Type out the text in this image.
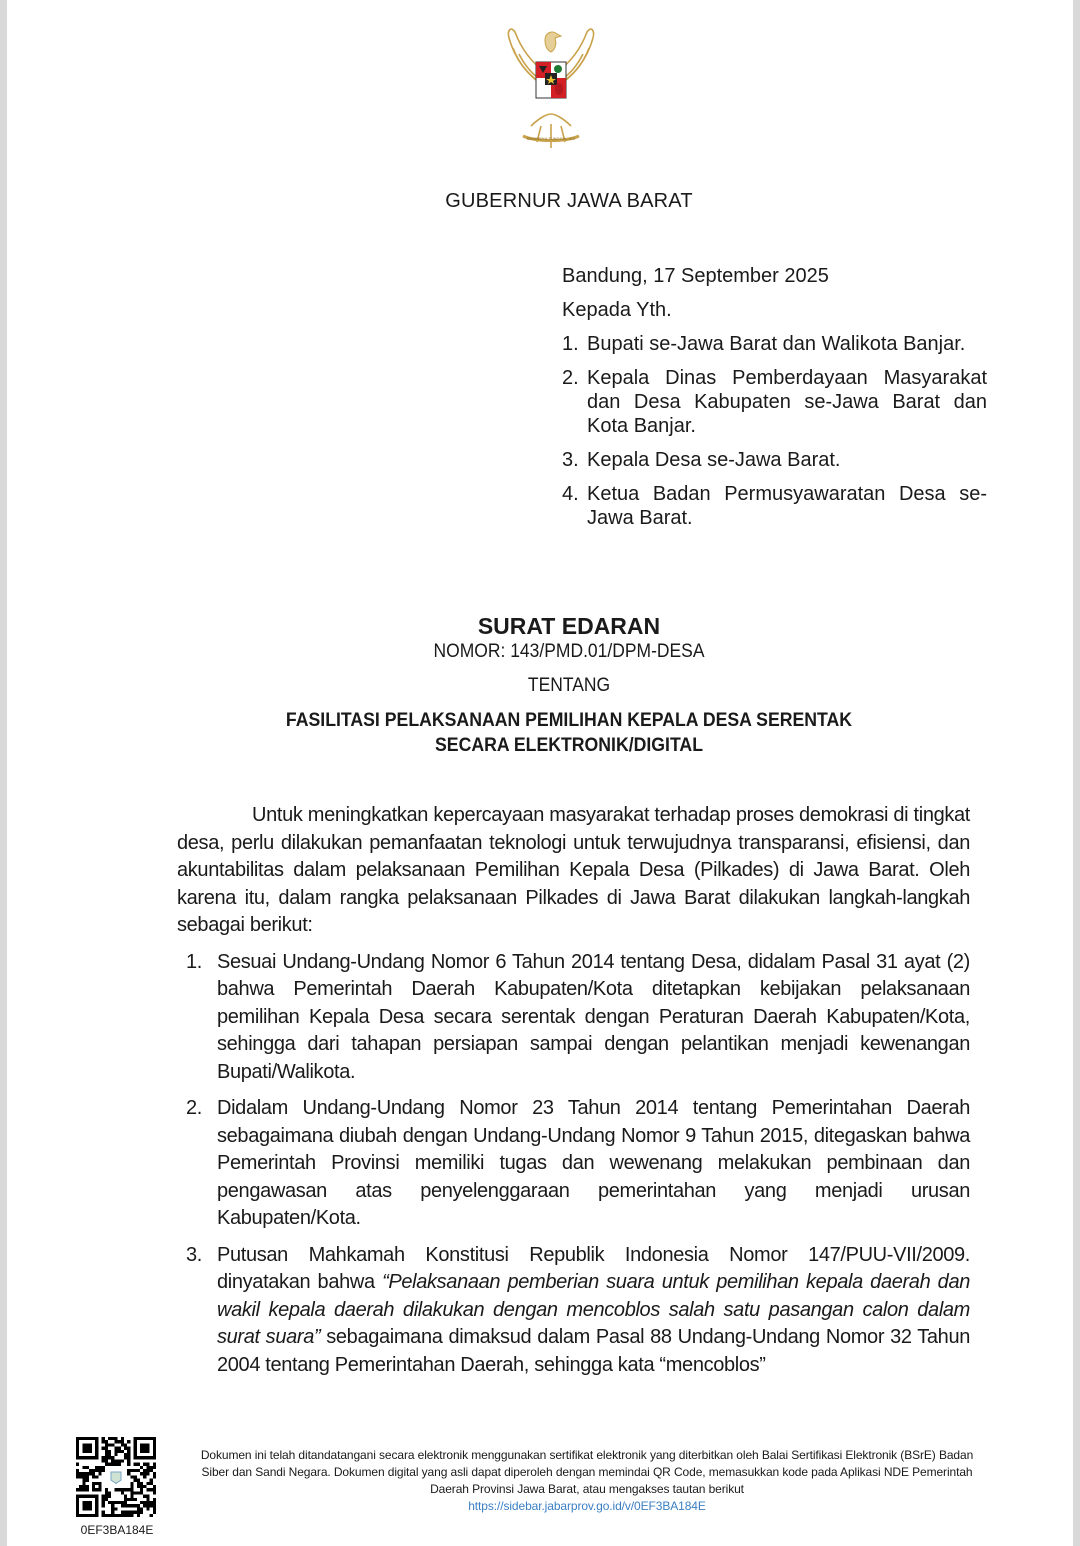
BHINNEKA TUNGGAL IKA
GUBERNUR JAWA BARAT
Bandung, 17 September 2025
Kepada Yth.
1. Bupati se-Jawa Barat dan Walikota Banjar.
2. Kepala Dinas Pemberdayaan Masyarakat dan Desa Kabupaten se-Jawa Barat dan Kota Banjar.
3. Kepala Desa se-Jawa Barat.
4. Ketua Badan Permusyawaratan Desa se-Jawa Barat.
SURAT EDARAN
NOMOR: 143/PMD.01/DPM-DESA
TENTANG
FASILITASI PELAKSANAAN PEMILIHAN KEPALA DESA SERENTAK
SECARA ELEKTRONIK/DIGITAL
Untuk meningkatkan kepercayaan masyarakat terhadap proses demokrasi di tingkat desa, perlu dilakukan pemanfaatan teknologi untuk terwujudnya transparansi, efisiensi, dan akuntabilitas dalam pelaksanaan Pemilihan Kepala Desa (Pilkades) di Jawa Barat. Oleh karena itu, dalam rangka pelaksanaan Pilkades di Jawa Barat dilakukan langkah-langkah sebagai berikut:
1. Sesuai Undang-Undang Nomor 6 Tahun 2014 tentang Desa, didalam Pasal 31 ayat (2) bahwa Pemerintah Daerah Kabupaten/Kota ditetapkan kebijakan pelaksanaan pemilihan Kepala Desa secara serentak dengan Peraturan Daerah Kabupaten/Kota, sehingga dari tahapan persiapan sampai dengan pelantikan menjadi kewenangan Bupati/Walikota.
2. Didalam Undang-Undang Nomor 23 Tahun 2014 tentang Pemerintahan Daerah sebagaimana diubah dengan Undang-Undang Nomor 9 Tahun 2015, ditegaskan bahwa Pemerintah Provinsi memiliki tugas dan wewenang melakukan pembinaan dan pengawasan atas penyelenggaraan pemerintahan yang menjadi urusan Kabupaten/Kota.
3. Putusan Mahkamah Konstitusi Republik Indonesia Nomor 147/PUU-VII/2009. dinyatakan bahwa “Pelaksanaan pemberian suara untuk pemilihan kepala daerah dan wakil kepala daerah dilakukan dengan mencoblos salah satu pasangan calon dalam surat suara” sebagaimana dimaksud dalam Pasal 88 Undang-Undang Nomor 32 Tahun 2004 tentang Pemerintahan Daerah, sehingga kata “mencoblos”
0EF3BA184E
Dokumen ini telah ditandatangani secara elektronik menggunakan sertifikat elektronik yang diterbitkan oleh Balai Sertifikasi Elektronik (BSrE) Badan Siber dan Sandi Negara. Dokumen digital yang asli dapat diperoleh dengan memindai QR Code, memasukkan kode pada Aplikasi NDE Pemerintah Daerah Provinsi Jawa Barat, atau mengakses tautan berikut
https://sidebar.jabarprov.go.id/v/0EF3BA184E
